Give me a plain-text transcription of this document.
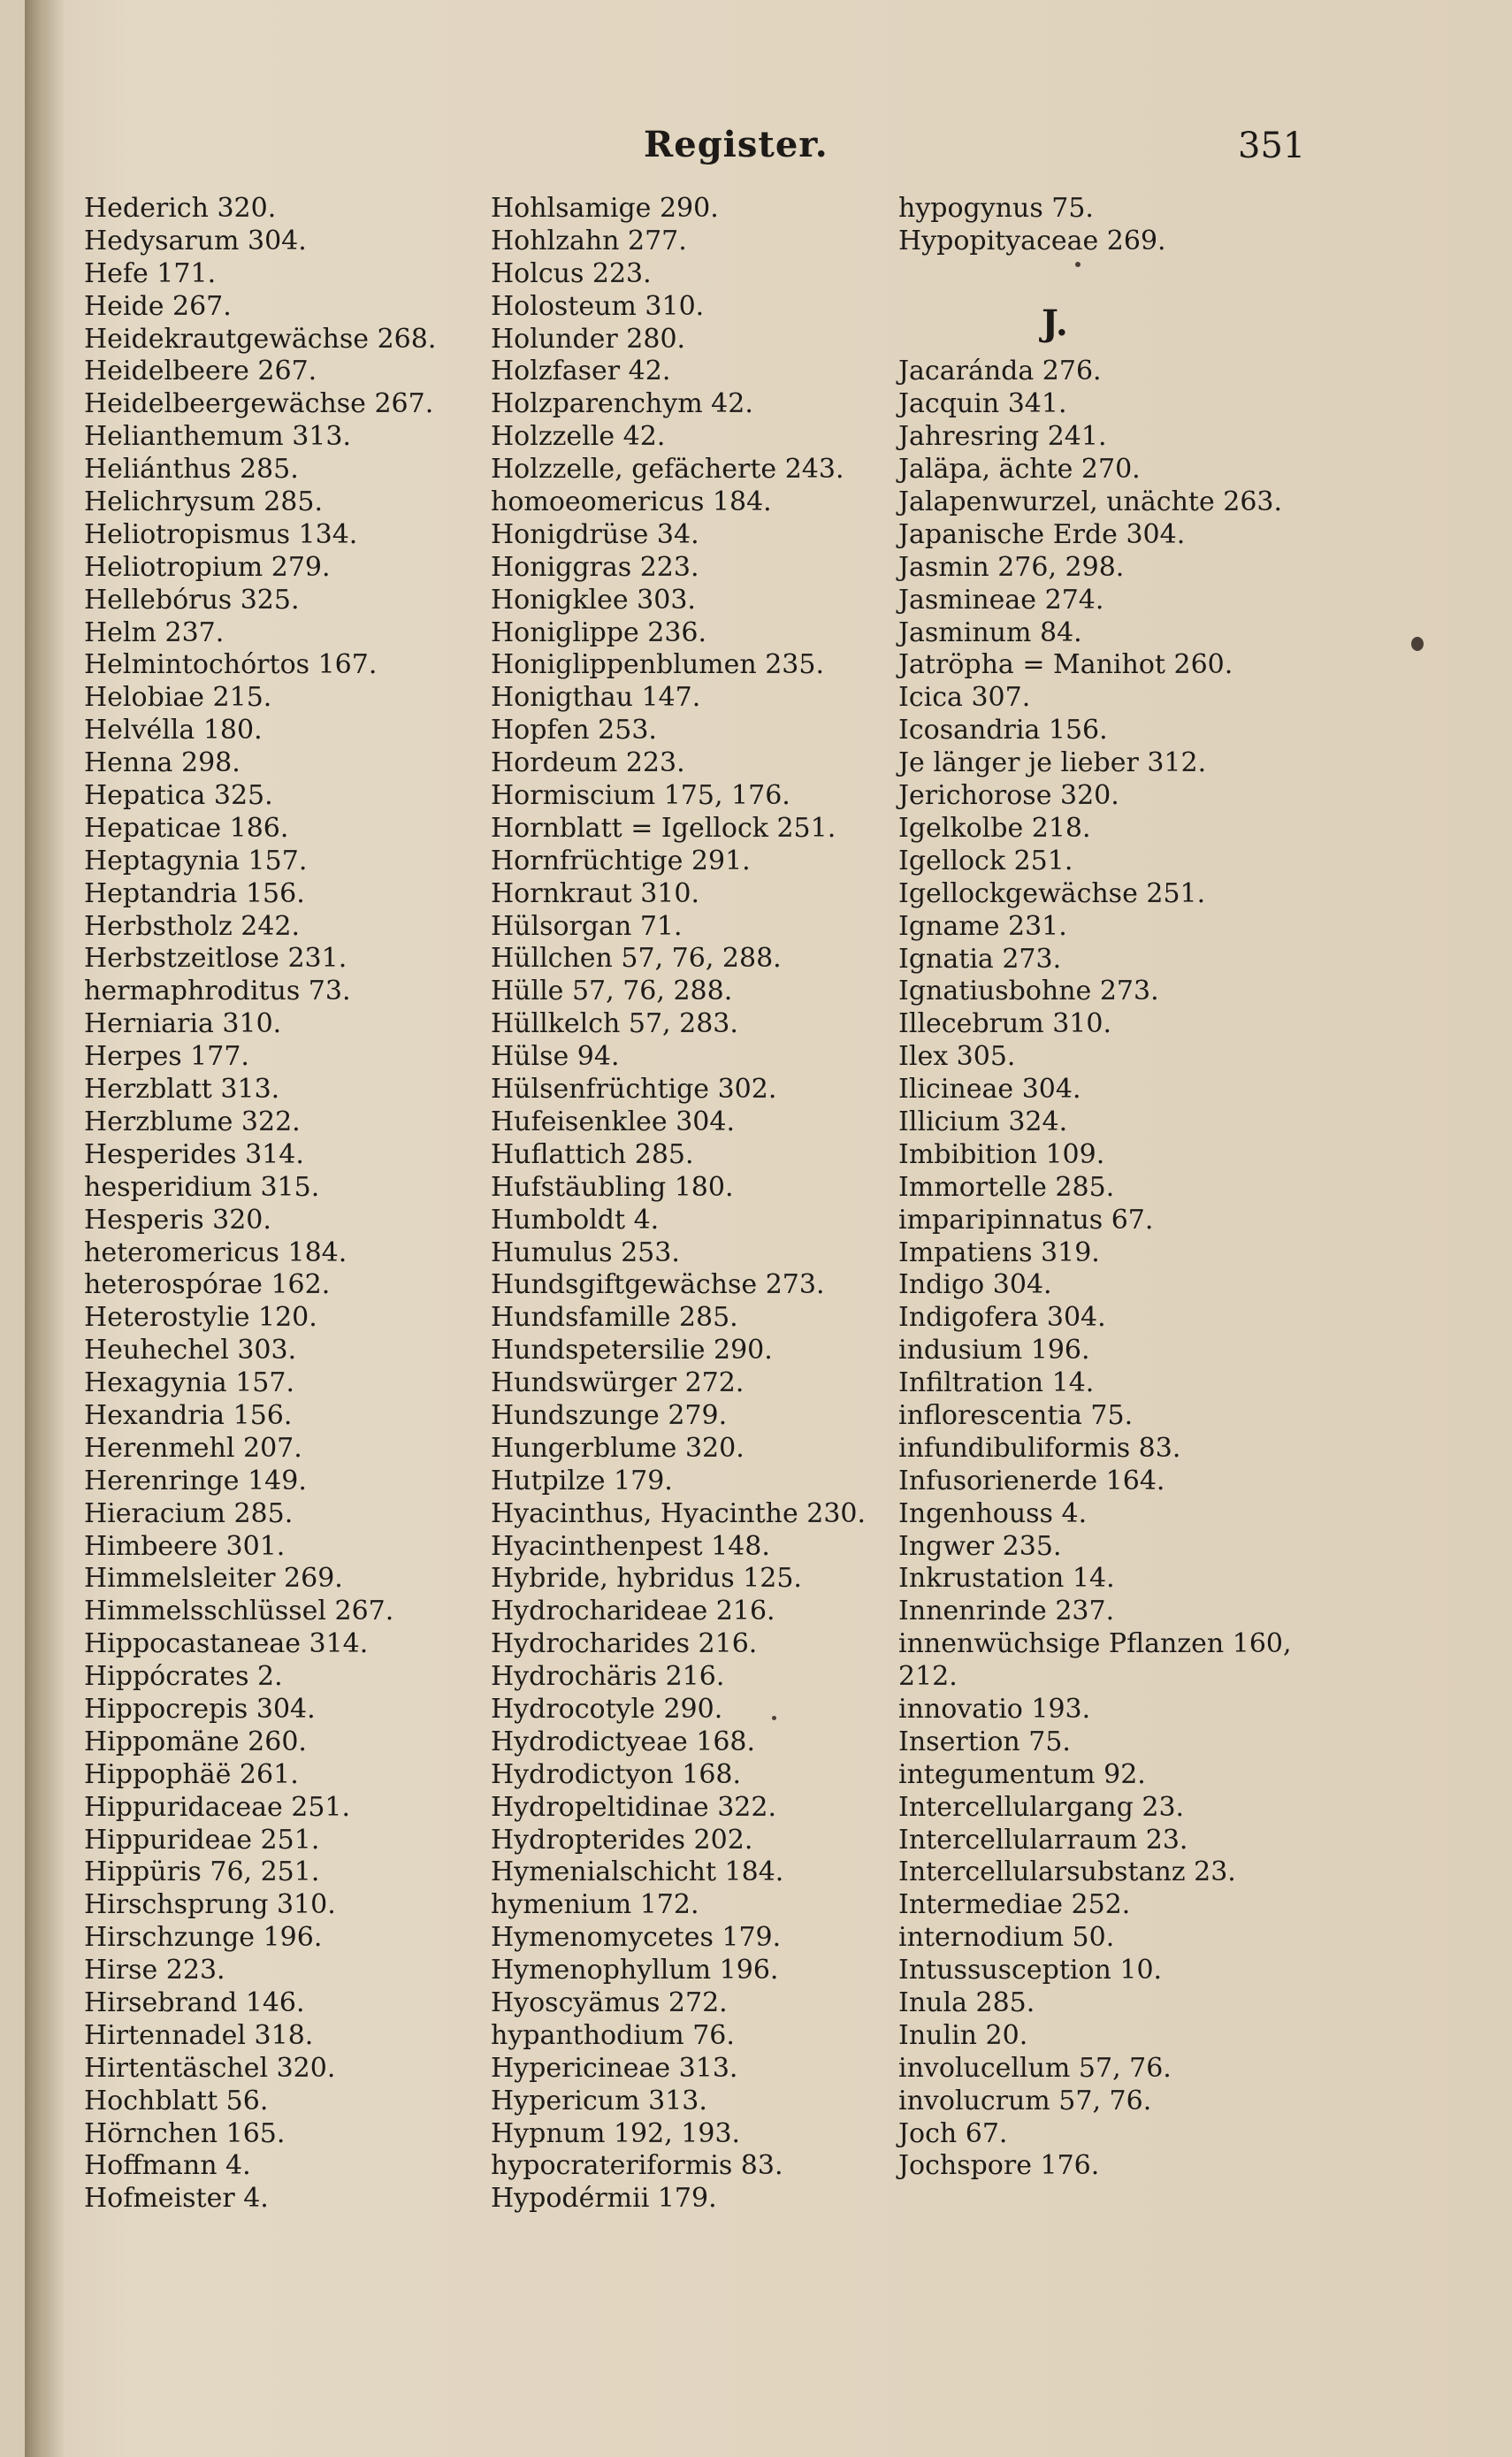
Register.	351
Hederich 320.
Hedysarum 304.
Hefe 171.
Heide 267.
Heidekrautgewächse 268.
Heidelbeere 267.
Heidelbeergewächse 267.
Helianthemum 313.
Heliánthus 285.
Helichrysum 285.
Heliotropismus 134.
Heliotropium 279.
Hellebórus 325.
Helm 237.
Helmintochórtos 167.
Helobiae 215.
Helvélla 180.
Henna 298.
Hepatica 325.
Hepaticae 186.
Heptagynia 157.
Heptandria 156.
Herbstholz 242.
Herbstzeitlose 231.
hermaphroditus 73.
Herniaria 310.
Herpes 177.
Herzblatt 313.
Herzblume 322.
Hesperides 314.
hesperidium 315.
Hesperis 320.
heteromericus 184.
heterospórae 162.
Heterostylie 120.
Heuhechel 303.
Hexagynia 157.
Hexandria 156.
Herenmehl 207.
Herenringe 149.
Hieracium 285.
Himbeere 301.
Himmelsleiter 269.
Himmelsschlüssel 267.
Hippocastaneae 314.
Hippócrates 2.
Hippocrepis 304.
Hippomäne 260.
Hippophäë 261.
Hippuridaceae 251.
Hippurideae 251.
Hippüris 76, 251.
Hirschsprung 310.
Hirschzunge 196.
Hirse 223.
Hirsebrand 146.
Hirtennadel 318.
Hirtentäschel 320.
Hochblatt 56.
Hörnchen 165.
Hoffmann 4.
Hofmeister 4.
Hohlsamige 290.
Hohlzahn 277.
Holcus 223.
Holosteum 310.
Holunder 280.
Holzfaser 42.
Holzparenchym 42.
Holzzelle 42.
Holzzelle, gefächerte 243.
homoeomericus 184.
Honigdrüse 34.
Honiggras 223.
Honigklee 303.
Honiglippe 236.
Honiglippenblumen 235.
Honigthau 147.
Hopfen 253.
Hordeum 223.
Hormiscium 175, 176.
Hornblatt = Igellock 251.
Hornfrüchtige 291.
Hornkraut 310.
Hülsorgan 71.
Hüllchen 57, 76, 288.
Hülle 57, 76, 288.
Hüllkelch 57, 283.
Hülse 94.
Hülsenfrüchtige 302.
Hufeisenklee 304.
Huflattich 285.
Hufstäubling 180.
Humboldt 4.
Humulus 253.
Hundsgiftgewächse 273.
Hundsfamille 285.
Hundspetersilie 290.
Hundswürger 272.
Hundszunge 279.
Hungerblume 320.
Hutpilze 179.
Hyacinthus, Hyacinthe 230.
Hyacinthenpest 148.
Hybride, hybridus 125.
Hydrocharideae 216.
Hydrocharides 216.
Hydrochäris 216.
Hydrocotyle 290.
Hydrodictyeae 168.
Hydrodictyon 168.
Hydropeltidinae 322.
Hydropterides 202.
Hymenialschicht 184.
hymenium 172.
Hymenomycetes 179.
Hymenophyllum 196.
Hyoscyämus 272.
hypanthodium 76.
Hypericineae 313.
Hypericum 313.
Hypnum 192, 193.
hypocrateriformis 83.
Hypodérmii 179.
hypogynus 75.
Hypopityaceae 269.
J.
Jacaránda 276.
Jacquin 341.
Jahresring 241.
Jaläpa, ächte 270.
Jalapenwurzel, unächte 263.
Japanische Erde 304.
Jasmin 276, 298.
Jasmineae 274.
Jasminum 84.
Jatröpha = Manihot 260.
Icica 307.
Icosandria 156.
Je länger je lieber 312.
Jerichorose 320.
Igelkolbe 218.
Igellock 251.
Igellockgewächse 251.
Igname 231.
Ignatia 273.
Ignatiusbohne 273.
Illecebrum 310.
Ilex 305.
Ilicineae 304.
Illicium 324.
Imbibition 109.
Immortelle 285.
imparipinnatus 67.
Impatiens 319.
Indigo 304.
Indigofera 304.
indusium 196.
Infiltration 14.
inflorescentia 75.
infundibuliformis 83.
Infusorienerde 164.
Ingenhouss 4.
Ingwer 235.
Inkrustation 14.
Innenrinde 237.
innenwüchsige Pflanzen 160,
212.
innovatio 193.
Insertion 75.
integumentum 92.
Intercellulargang 23.
Intercellularraum 23.
Intercellularsubstanz 23.
Intermediae 252.
internodium 50.
Intussusception 10.
Inula 285.
Inulin 20.
involucellum 57, 76.
involucrum 57, 76.
Joch 67.
Jochspore 176.
